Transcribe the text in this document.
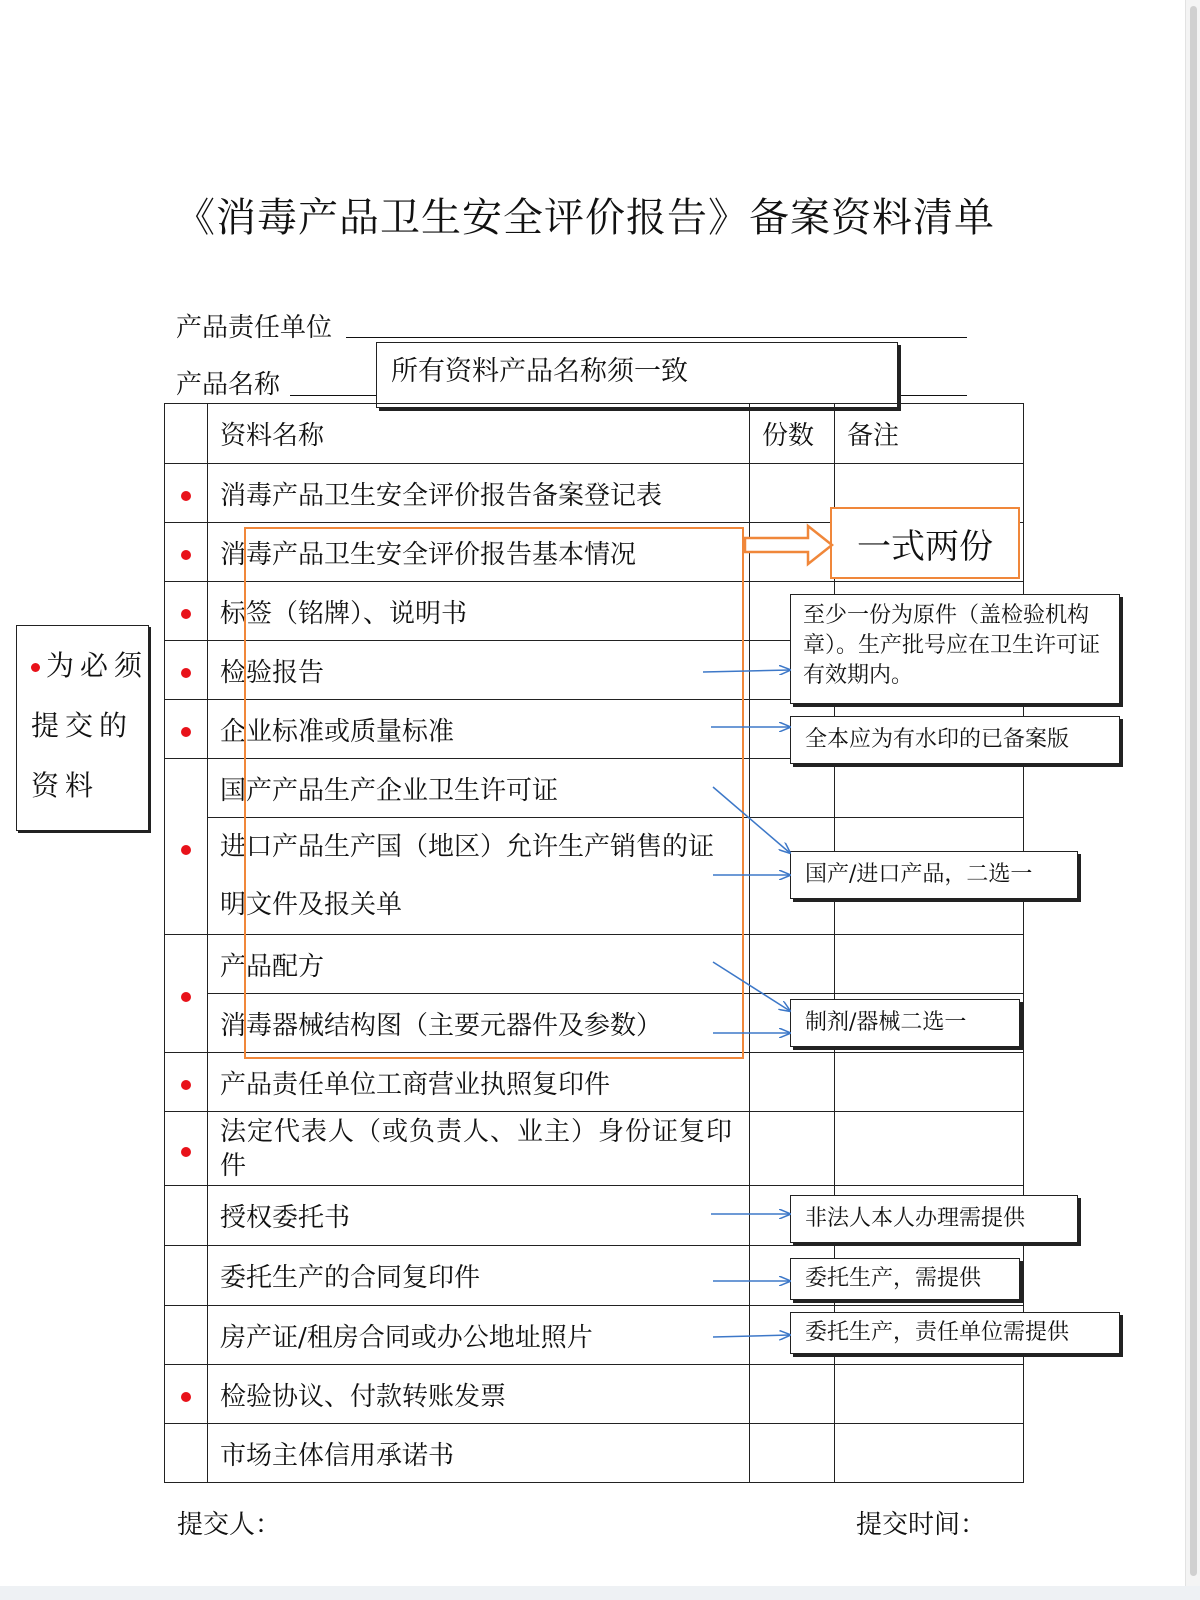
《消毒产品卫生安全评价报告》备案资料清单
产品责任单位
产品名称	所有资料产品名称须一致
	资料名称	份数	备注
	消毒产品卫生安全评价报告备案登记表		
	消毒产品卫生安全评价报告基本情况		
	标签（铭牌）、说明书		
	检验报告		
	企业标准或质量标准		
	国产产品生产企业卫生许可证		
	进口产品生产国（地区）允许生产销售的证明文件及报关单		
	产品配方		
	消毒器械结构图（主要元器件及参数）		
	产品责任单位工商营业执照复印件		
	法定代表人（或负责人、业主）身份证复印件		
	授权委托书		
	委托生产的合同复印件		
	房产证/租房合同或办公地址照片		
	检验协议、付款转账发票		
	市场主体信用承诺书		
一式两份
至少一份为原件（盖检验机构章）。生产批号应在卫生许可证有效期内。
全本应为有水印的已备案版
国产/进口产品，二选一
制剂/器械二选一
非法人本人办理需提供
委托生产，需提供
委托生产，责任单位需提供
为必须提交的资料
提交人：	提交时间：
